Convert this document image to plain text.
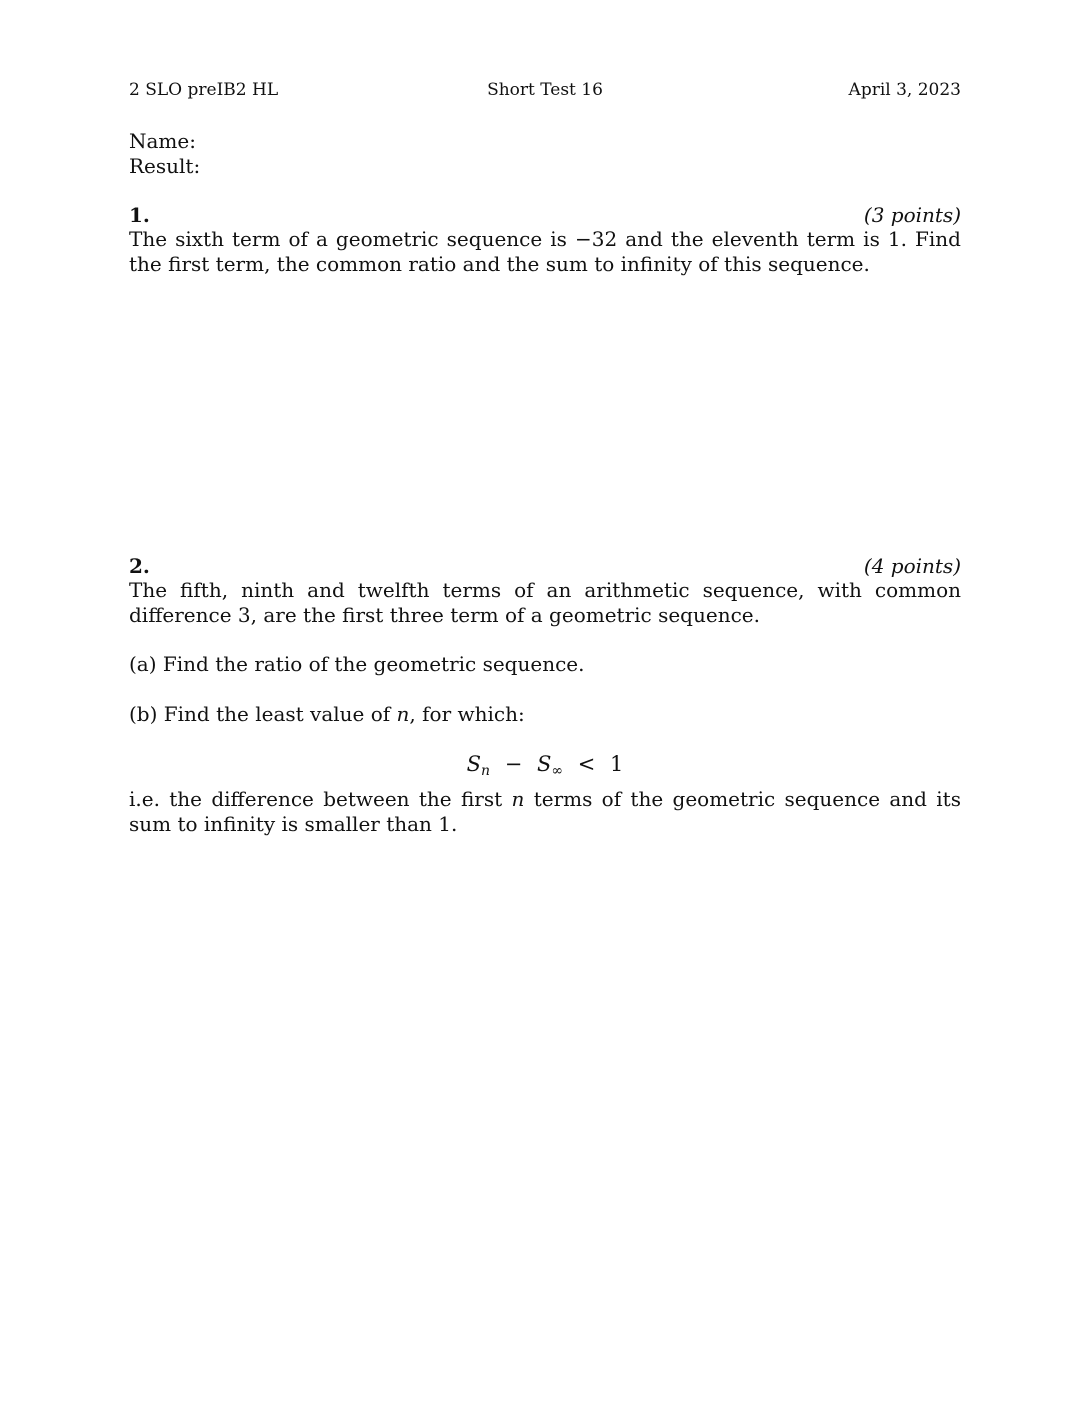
2 SLO preIB2 HL	Short Test 16	April 3, 2023
Name:
Result:
1.	(3 points)
The sixth term of a geometric sequence is −32 and the eleventh term is 1. Find the first term, the common ratio and the sum to infinity of this sequence.
2.	(4 points)
The fifth, ninth and twelfth terms of an arithmetic sequence, with common difference 3, are the first three term of a geometric sequence.
(a) Find the ratio of the geometric sequence.
(b) Find the least value of n, for which:
$S_n - S_\infty < 1$
i.e. the difference between the first n terms of the geometric sequence and its sum to infinity is smaller than 1.
